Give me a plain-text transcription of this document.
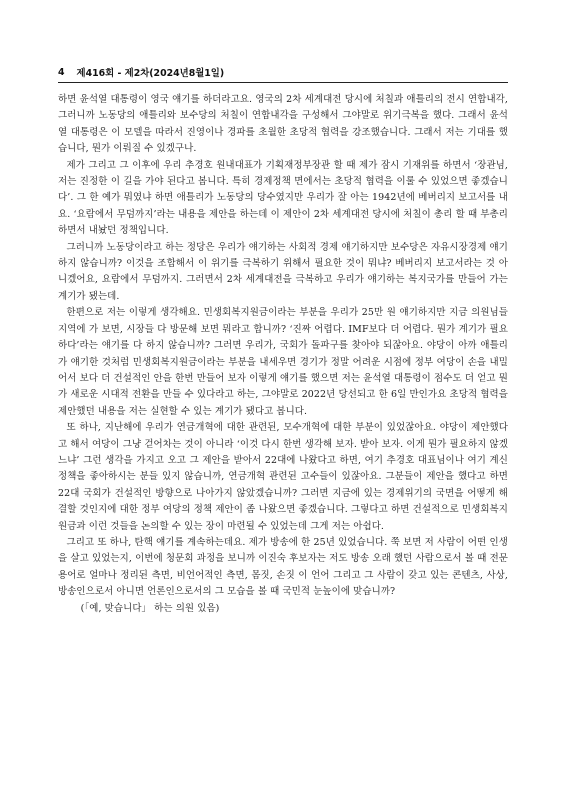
4 제416회 - 제2차(2024년8월1일)

하면 윤석열 대통령이 영국 얘기를 하더라고요. 영국의 2차 세계대전 당시에 처칠과 애틀리의 전시 연합내각, 그러니까 노동당의 애틀리와 보수당의 처칠이 연합내각을 구성해서 그야말로 위기극복을 했다. 그래서 윤석열 대통령은 이 모델을 따라서 진영이나 경파를 초월한 초당적 협력을 강조했습니다. 그래서 저는 기대를 했습니다, 뭔가 이뤄질 수 있겠구나.

제가 그리고 그 이후에 우리 추경호 원내대표가 기획재정부장관 할 때 제가 잠시 기재위를 하면서 ‘장관님, 저는 진정한 이 길을 가야 된다고 봅니다. 특히 경제정책 면에서는 초당적 협력을 이룰 수 있었으면 좋겠습니다’. 그 한 예가 뭐였냐 하면 애틀리가 노동당의 당수였지만 우리가 잘 아는 1942년에 베버리지 보고서를 내요. ‘요람에서 무덤까지’라는 내용을 제안을 하는데 이 제안이 2차 세계대전 당시에 처칠이 총리 할 때 부총리 하면서 내놨던 정책입니다.

그러니까 노동당이라고 하는 정당은 우리가 얘기하는 사회적 경제 얘기하지만 보수당은 자유시장경제 얘기하지 않습니까? 이것을 조합해서 이 위기를 극복하기 위해서 필요한 것이 뭐냐? 베버리지 보고서라는 것 아니겠어요, 요람에서 무덤까지. 그러면서 2차 세계대전을 극복하고 우리가 얘기하는 복지국가를 만들어 가는 계기가 됐는데.

한편으로 저는 이렇게 생각해요. 민생회복지원금이라는 부분을 우리가 25만 원 얘기하지만 지금 의원님들 지역에 가 보면, 시장들 다 방문해 보면 뭐라고 합니까? ‘진짜 어렵다. IMF보다 더 어렵다. 뭔가 계기가 필요하다’라는 얘기를 다 하지 않습니까? 그러면 우리가, 국회가 돌파구를 찾아야 되잖아요. 야당이 아까 애틀리가 얘기한 것처럼 민생회복지원금이라는 부분을 내세우면 경기가 정말 어려운 시점에 정부 여당이 손을 내밀어서 보다 더 건설적인 안을 한번 만들어 보자 이렇게 얘기를 했으면 저는 윤석열 대통령이 점수도 더 얻고 뭔가 새로운 시대적 전환을 만들 수 있다라고 하는, 그야말로 2022년 당선되고 한 6일 만인가요 초당적 협력을 제안했던 내용을 저는 실현할 수 있는 계기가 됐다고 봅니다.

또 하나, 지난해에 우리가 연금개혁에 대한 관련된, 모수개혁에 대한 부분이 있었잖아요. 야당이 제안했다고 해서 여당이 그냥 걷어차는 것이 아니라 ‘이것 다시 한번 생각해 보자. 받아 보자. 이게 뭔가 필요하지 않겠느냐’ 그런 생각을 가지고 오고 그 제안을 받아서 22대에 나왔다고 하면, 여기 추경호 대표님이나 여기 계신 정책을 좋아하시는 분들 있지 않습니까, 연금개혁 관련된 고수들이 있잖아요. 그분들이 제안을 했다고 하면 22대 국회가 건설적인 방향으로 나아가지 않았겠습니까? 그러면 지금에 있는 경제위기의 국면을 어떻게 해결할 것인지에 대한 정부 여당의 정책 제안이 좀 나왔으면 좋겠습니다. 그렇다고 하면 건설적으로 민생회복지원금과 이런 것들을 논의할 수 있는 장이 마련될 수 있었는데 그게 저는 아쉽다.

그리고 또 하나, 탄핵 얘기를 계속하는데요. 제가 방송에 한 25년 있었습니다. 쭉 보면 저 사람이 어떤 인생을 살고 있었는지, 이번에 청문회 과정을 보니까 이진숙 후보자는 저도 방송 오래 했던 사람으로서 볼 때 전문용어로 얼마나 정리된 측면, 비언어적인 측면, 몸짓, 손짓 이 언어 그리고 그 사람이 갖고 있는 콘텐츠, 사상, 방송인으로서 아니면 언론인으로서의 그 모습을 볼 때 국민적 눈높이에 맞습니까?

(「예, 맞습니다」 하는 의원 있음)
